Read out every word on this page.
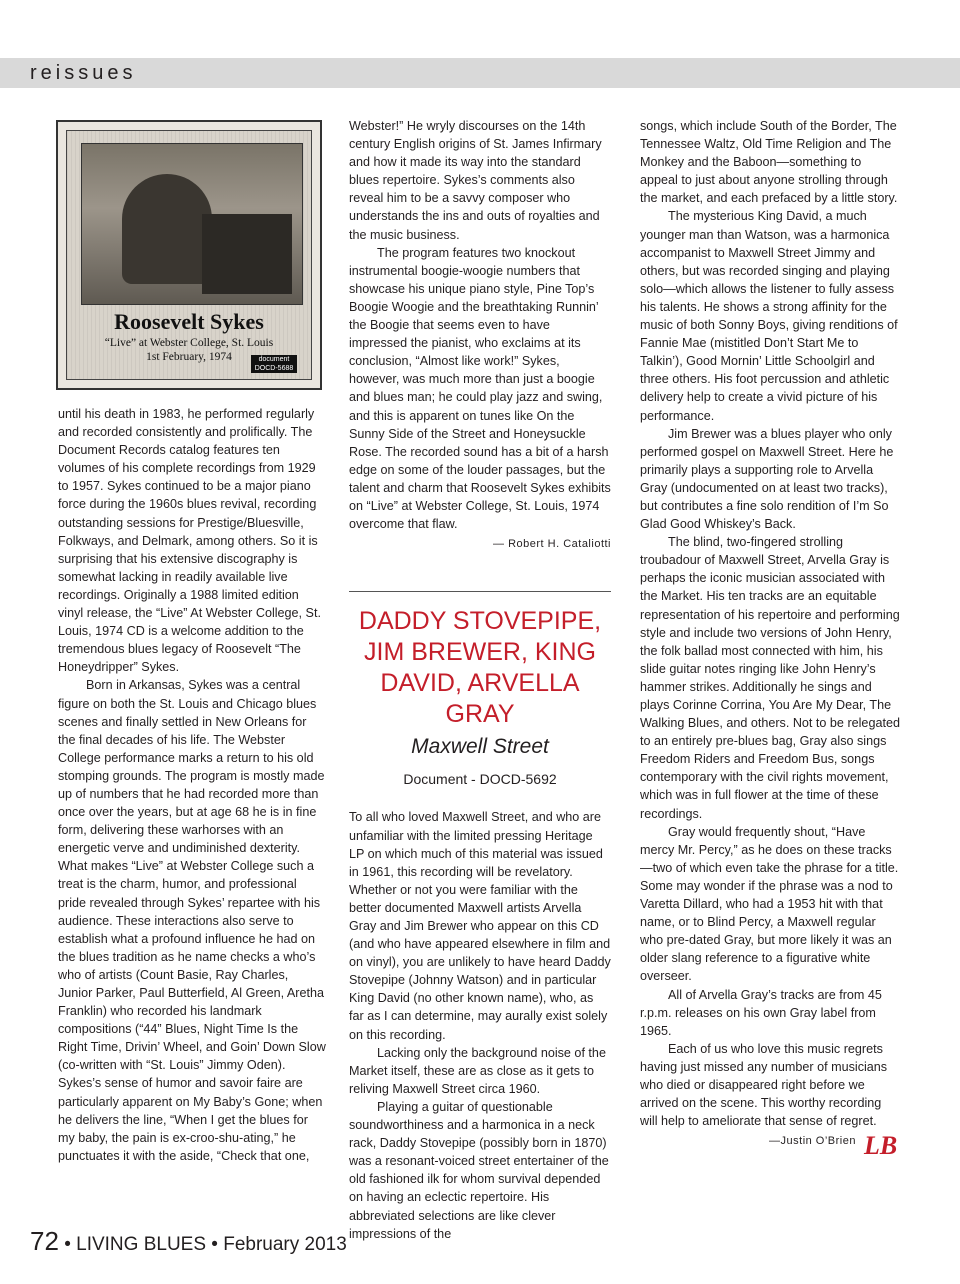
reissues
Roosevelt Sykes
“Live” at Webster College, St. Louis
1st February, 1974	document
DOCD-5688

until his death in 1983, he performed regularly and recorded consistently and prolifically. The Document Records catalog features ten volumes of his complete recordings from 1929 to 1957. Sykes continued to be a major piano force during the 1960s blues revival, recording outstanding sessions for Prestige/Bluesville, Folkways, and Delmark, among others. So it is surprising that his extensive discography is somewhat lacking in readily available live recordings. Originally a 1988 limited edition vinyl release, the “Live” At Webster College, St. Louis, 1974 CD is a welcome addition to the tremendous blues legacy of Roosevelt “The Honeydripper” Sykes.

Born in Arkansas, Sykes was a central figure on both the St. Louis and Chicago blues scenes and finally settled in New Orleans for the final decades of his life. The Webster College performance marks a return to his old stomping grounds. The program is mostly made up of numbers that he had recorded more than once over the years, but at age 68 he is in fine form, delivering these warhorses with an energetic verve and undiminished dexterity. What makes “Live” at Webster College such a treat is the charm, humor, and professional pride revealed through Sykes’ repartee with his audience. These interactions also serve to establish what a profound influence he had on the blues tradition as he name checks a who’s who of artists (Count Basie, Ray Charles, Junior Parker, Paul Butterfield, Al Green, Aretha Franklin) who recorded his landmark compositions (“44” Blues, Night Time Is the Right Time, Drivin’ Wheel, and Goin’ Down Slow (co-written with “St. Louis” Jimmy Oden). Sykes’s sense of humor and savoir faire are particularly apparent on My Baby’s Gone; when he delivers the line, “When I get the blues for my baby, the pain is ex-croo-shu-ating,” he punctuates it with the aside, “Check that one,

Webster!” He wryly discourses on the 14th century English origins of St. James Infirmary and how it made its way into the standard blues repertoire. Sykes’s comments also reveal him to be a savvy composer who understands the ins and outs of royalties and the music business.

The program features two knockout instrumental boogie-woogie numbers that showcase his unique piano style, Pine Top’s Boogie Woogie and the breathtaking Runnin’ the Boogie that seems even to have impressed the pianist, who exclaims at its conclusion, “Almost like work!” Sykes, however, was much more than just a boogie and blues man; he could play jazz and swing, and this is apparent on tunes like On the Sunny Side of the Street and Honeysuckle Rose. The recorded sound has a bit of a harsh edge on some of the louder passages, but the talent and charm that Roosevelt Sykes exhibits on “Live” at Webster College, St. Louis, 1974 overcome that flaw.

— Robert H. Cataliotti
DADDY STOVEPIPE,
JIM BREWER, KING
DAVID, ARVELLA GRAY
Maxwell Street
Document - DOCD-5692

To all who loved Maxwell Street, and who are unfamiliar with the limited pressing Heritage LP on which much of this material was issued in 1961, this recording will be revelatory. Whether or not you were familiar with the better documented Maxwell artists Arvella Gray and Jim Brewer who appear on this CD (and who have appeared elsewhere in film and on vinyl), you are unlikely to have heard Daddy Stovepipe (Johnny Watson) and in particular King David (no other known name), who, as far as I can determine, may aurally exist solely on this recording.

Lacking only the background noise of the Market itself, these are as close as it gets to reliving Maxwell Street circa 1960.

Playing a guitar of questionable soundworthiness and a harmonica in a neck rack, Daddy Stovepipe (possibly born in 1870) was a resonant-voiced street entertainer of the old fashioned ilk for whom survival depended on having an eclectic repertoire. His abbreviated selections are like clever impressions of the

songs, which include South of the Border, The Tennessee Waltz, Old Time Religion and The Monkey and the Baboon—something to appeal to just about anyone strolling through the market, and each prefaced by a little story.

The mysterious King David, a much younger man than Watson, was a harmonica accompanist to Maxwell Street Jimmy and others, but was recorded singing and playing solo—which allows the listener to fully assess his talents. He shows a strong affinity for the music of both Sonny Boys, giving renditions of Fannie Mae (mistitled Don’t Start Me to Talkin’), Good Mornin’ Little Schoolgirl and three others. His foot percussion and athletic delivery help to create a vivid picture of his performance.

Jim Brewer was a blues player who only performed gospel on Maxwell Street. Here he primarily plays a supporting role to Arvella Gray (undocumented on at least two tracks), but contributes a fine solo rendition of I’m So Glad Good Whiskey’s Back.

The blind, two-fingered strolling troubadour of Maxwell Street, Arvella Gray is perhaps the iconic musician associated with the Market. His ten tracks are an equitable representation of his repertoire and performing style and include two versions of John Henry, the folk ballad most connected with him, his slide guitar notes ringing like John Henry’s hammer strikes. Additionally he sings and plays Corinne Corrina, You Are My Dear, The Walking Blues, and others. Not to be relegated to an entirely pre-blues bag, Gray also sings Freedom Riders and Freedom Bus, songs contemporary with the civil rights movement, which was in full flower at the time of these recordings.

Gray would frequently shout, “Have mercy Mr. Percy,” as he does on these tracks—two of which even take the phrase for a title. Some may wonder if the phrase was a nod to Varetta Dillard, who had a 1953 hit with that name, or to Blind Percy, a Maxwell regular who pre-dated Gray, but more likely it was an older slang reference to a figurative white overseer.

All of Arvella Gray’s tracks are from 45 r.p.m. releases on his own Gray label from 1965.

Each of us who love this music regrets having just missed any number of musicians who died or disappeared right before we arrived on the scene. This worthy recording will help to ameliorate that sense of regret.

—Justin O’Brien LB
72 • LIVING BLUES • February 2013
